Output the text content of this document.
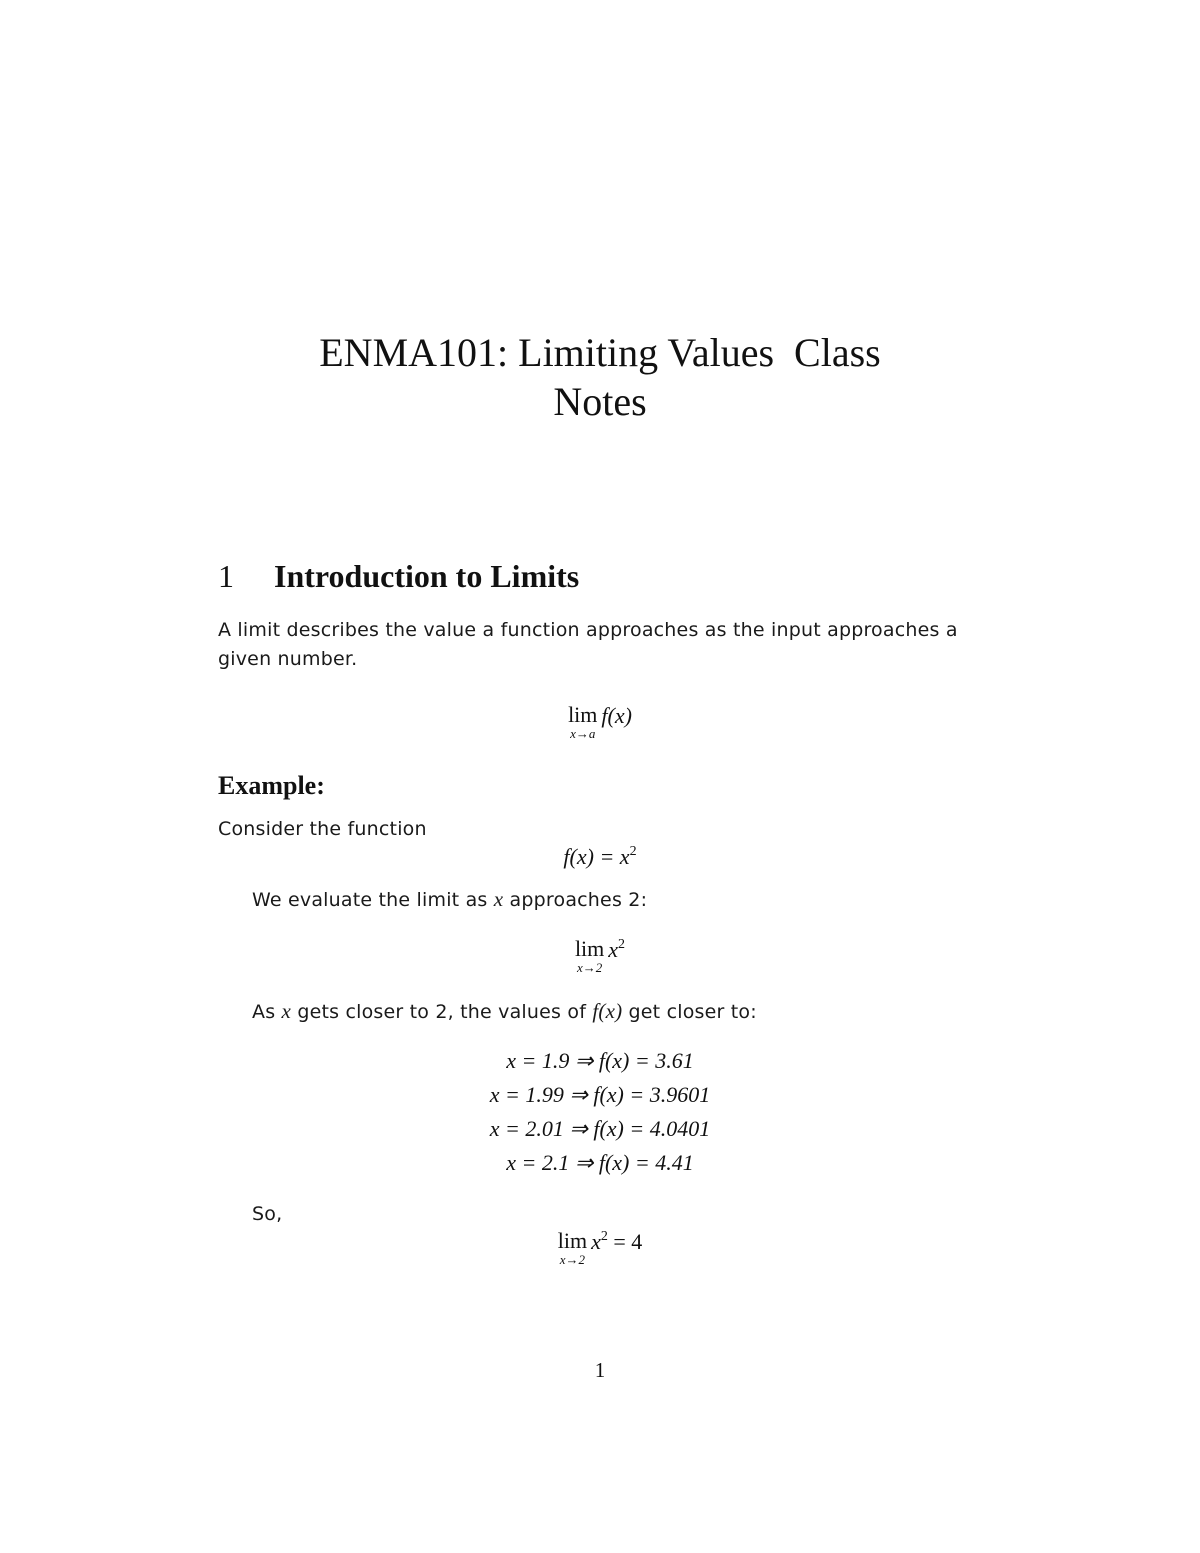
ENMA101: Limiting Values  Class
Notes
1 Introduction to Limits

A limit describes the value a function approaches as the input approaches a given number.

lim
x→a
f(x)
Example:

Consider the function

$f(x) = x^2$

We evaluate the limit as x approaches 2:

lim
x→2
$x^2$

As x gets closer to 2, the values of f(x) get closer to:

x = 1.9 ⇒ f(x) = 3.61
x = 1.99 ⇒ f(x) = 3.9601
x = 2.01 ⇒ f(x) = 4.0401
x = 2.1 ⇒ f(x) = 4.41

So,

lim
x→2
$x^2 = 4$
1
